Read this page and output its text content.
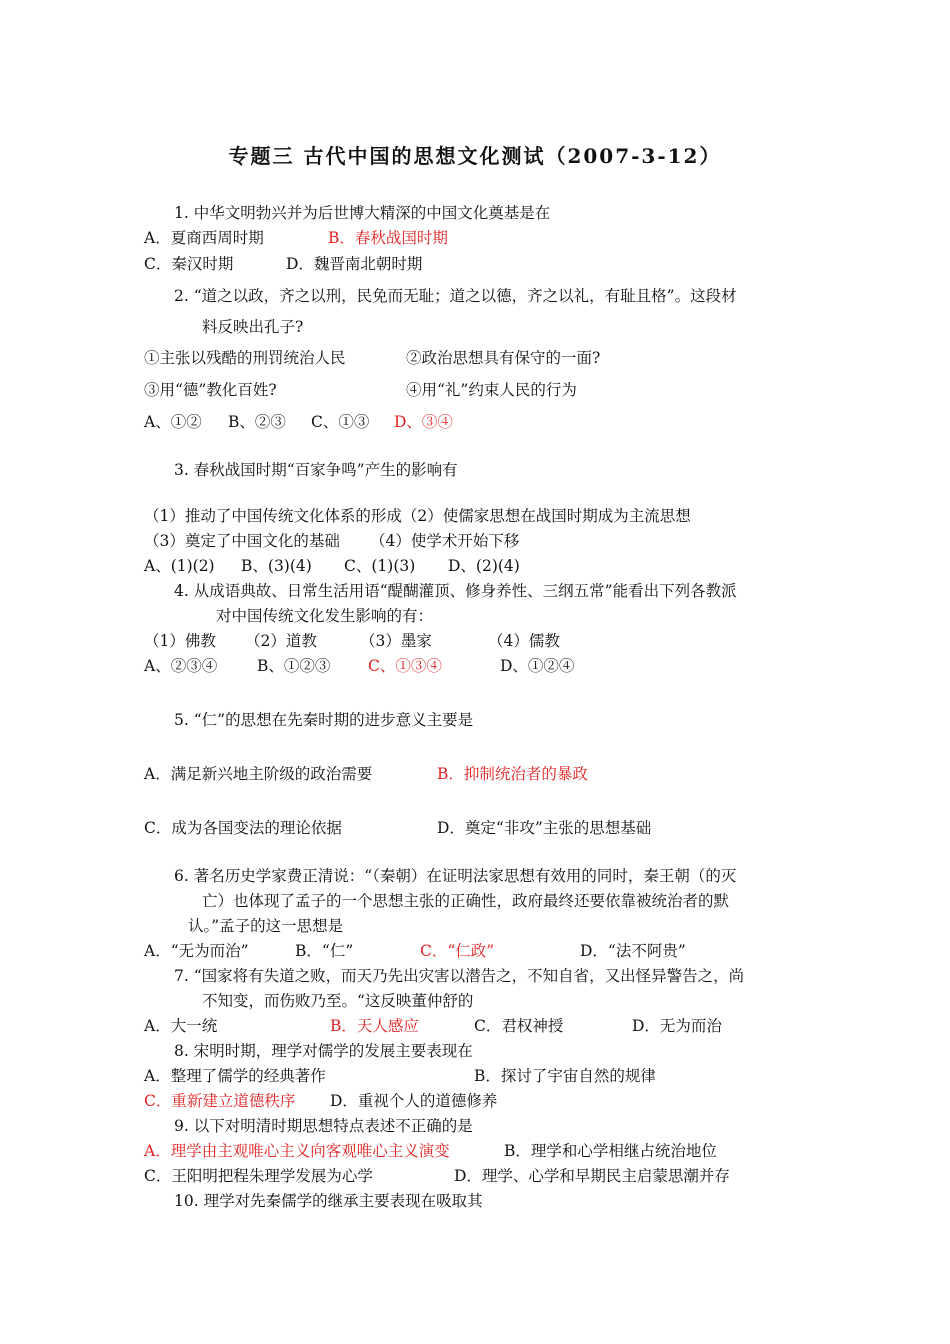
专题三 古代中国的思想文化测试（2007-3-12）
1. 中华文明勃兴并为后世博大精深的中国文化奠基是在
A．夏商西周时期	B．春秋战国时期
C．秦汉时期	D．魏晋南北朝时期
2. “道之以政，齐之以刑，民免而无耻；道之以德，齐之以礼，有耻且格”。这段材
料反映出孔子?
①主张以残酷的刑罚统治人民	②政治思想具有保守的一面?
③用“德”教化百姓?	④用“礼”约束人民的行为
A、①② B、②③ C、①③ D、③④
3. 春秋战国时期“百家争鸣”产生的影响有
（1）推动了中国传统文化体系的形成（2）使儒家思想在战国时期成为主流思想
（3）奠定了中国文化的基础 （4）使学术开始下移
A、(1)(2) B、(3)(4) C、(1)(3) D、(2)(4)
4. 从成语典故、日常生活用语“醍醐灌顶、修身养性、三纲五常”能看出下列各教派
对中国传统文化发生影响的有：
（1）佛教 （2）道教	（3）墨家	（4）儒教
A、②③④	B、①②③ C、①③④	D、①②④
5. “仁”的思想在先秦时期的进步意义主要是
A．满足新兴地主阶级的政治需要	B．抑制统治者的暴政
C．成为各国变法的理论依据	D．奠定“非攻”主张的思想基础
6. 著名历史学家费正清说：“（秦朝）在证明法家思想有效用的同时，秦王朝（的灭
亡）也体现了孟子的一个思想主张的正确性，政府最终还要依靠被统治者的默
认。”孟子的这一思想是
A．“无为而治”	B．“仁”	C．“仁政”	D．“法不阿贵”
7. “国家将有失道之败，而天乃先出灾害以潜告之，不知自省，又出怪异警告之，尚
不知变，而伤败乃至。“这反映董仲舒的
A．大一统	B．天人感应	C．君权神授	D．无为而治
8. 宋明时期，理学对儒学的发展主要表现在
A．整理了儒学的经典著作	B．探讨了宇宙自然的规律
C．重新建立道德秩序 D．重视个人的道德修养
9. 以下对明清时期思想特点表述不正确的是
A．理学由主观唯心主义向客观唯心主义演变	B．理学和心学相继占统治地位
C．王阳明把程朱理学发展为心学	D．理学、心学和早期民主启蒙思潮并存
10. 理学对先秦儒学的继承主要表现在吸取其
